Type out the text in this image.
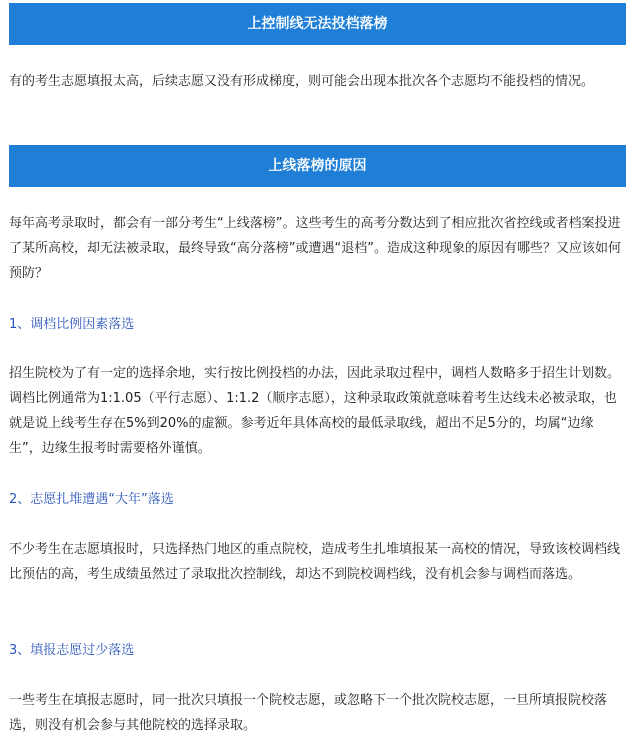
上控制线无法投档落榜

有的考生志愿填报太高，后续志愿又没有形成梯度，则可能会出现本批次各个志愿均不能投档的情况。

上线落榜的原因

每年高考录取时，都会有一部分考生“上线落榜”。这些考生的高考分数达到了相应批次省控线或者档案投进了某所高校，却无法被录取，最终导致“高分落榜”或遭遇“退档”。造成这种现象的原因有哪些？又应该如何预防？

1、调档比例因素落选

招生院校为了有一定的选择余地，实行按比例投档的办法，因此录取过程中，调档人数略多于招生计划数。调档比例通常为1:1.05（平行志愿）、1:1.2（顺序志愿），这种录取政策就意味着考生达线未必被录取，也就是说上线考生存在5%到20%的虚额。参考近年具体高校的最低录取线，超出不足5分的，均属“边缘生”，边缘生报考时需要格外谨慎。

2、志愿扎堆遭遇“大年”落选

不少考生在志愿填报时，只选择热门地区的重点院校，造成考生扎堆填报某一高校的情况，导致该校调档线比预估的高，考生成绩虽然过了录取批次控制线，却达不到院校调档线，没有机会参与调档而落选。

3、填报志愿过少落选

一些考生在填报志愿时，同一批次只填报一个院校志愿，或忽略下一个批次院校志愿，一旦所填报院校落选，则没有机会参与其他院校的选择录取。
